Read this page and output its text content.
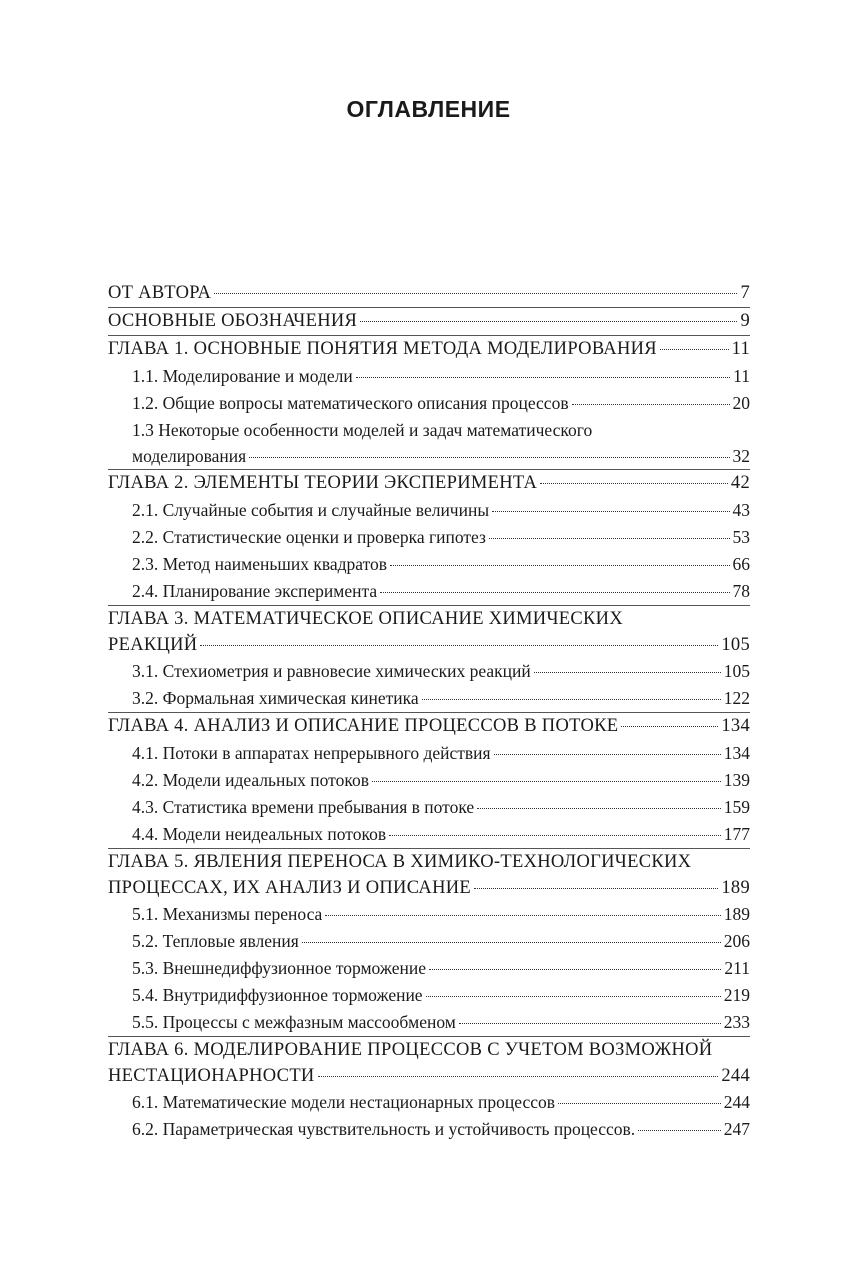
ОГЛАВЛЕНИЕ
ОТ АВТОРА	7
ОСНОВНЫЕ ОБОЗНАЧЕНИЯ	9
ГЛАВА 1. ОСНОВНЫЕ ПОНЯТИЯ МЕТОДА МОДЕЛИРОВАНИЯ	11
1.1. Моделирование и модели	11
1.2. Общие вопросы математического описания процессов	20
1.3 Некоторые особенности моделей и задач математического
моделирования	32
ГЛАВА 2. ЭЛЕМЕНТЫ ТЕОРИИ ЭКСПЕРИМЕНТА	42
2.1. Случайные события и случайные величины	43
2.2. Статистические оценки и проверка гипотез	53
2.3. Метод наименьших квадратов	66
2.4. Планирование эксперимента	78
ГЛАВА 3. МАТЕМАТИЧЕСКОЕ ОПИСАНИЕ ХИМИЧЕСКИХ
РЕАКЦИЙ	105
3.1. Стехиометрия и равновесие химических реакций	105
3.2. Формальная химическая кинетика	122
ГЛАВА 4. АНАЛИЗ И ОПИСАНИЕ ПРОЦЕССОВ В ПОТОКЕ	134
4.1. Потоки в аппаратах непрерывного действия	134
4.2. Модели идеальных потоков	139
4.3. Статистика времени пребывания в потоке	159
4.4. Модели неидеальных потоков	177
ГЛАВА 5. ЯВЛЕНИЯ ПЕРЕНОСА В ХИМИКО-ТЕХНОЛОГИЧЕСКИХ
ПРОЦЕССАХ, ИХ АНАЛИЗ И ОПИСАНИЕ	189
5.1. Механизмы переноса	189
5.2. Тепловые явления	206
5.3. Внешнедиффузионное торможение	211
5.4. Внутридиффузионное торможение	219
5.5. Процессы с межфазным массообменом	233
ГЛАВА 6. МОДЕЛИРОВАНИЕ ПРОЦЕССОВ С УЧЕТОМ ВОЗМОЖНОЙ
НЕСТАЦИОНАРНОСТИ	244
6.1. Математические модели нестационарных процессов	244
6.2. Параметрическая чувствительность и устойчивость процессов.	247
